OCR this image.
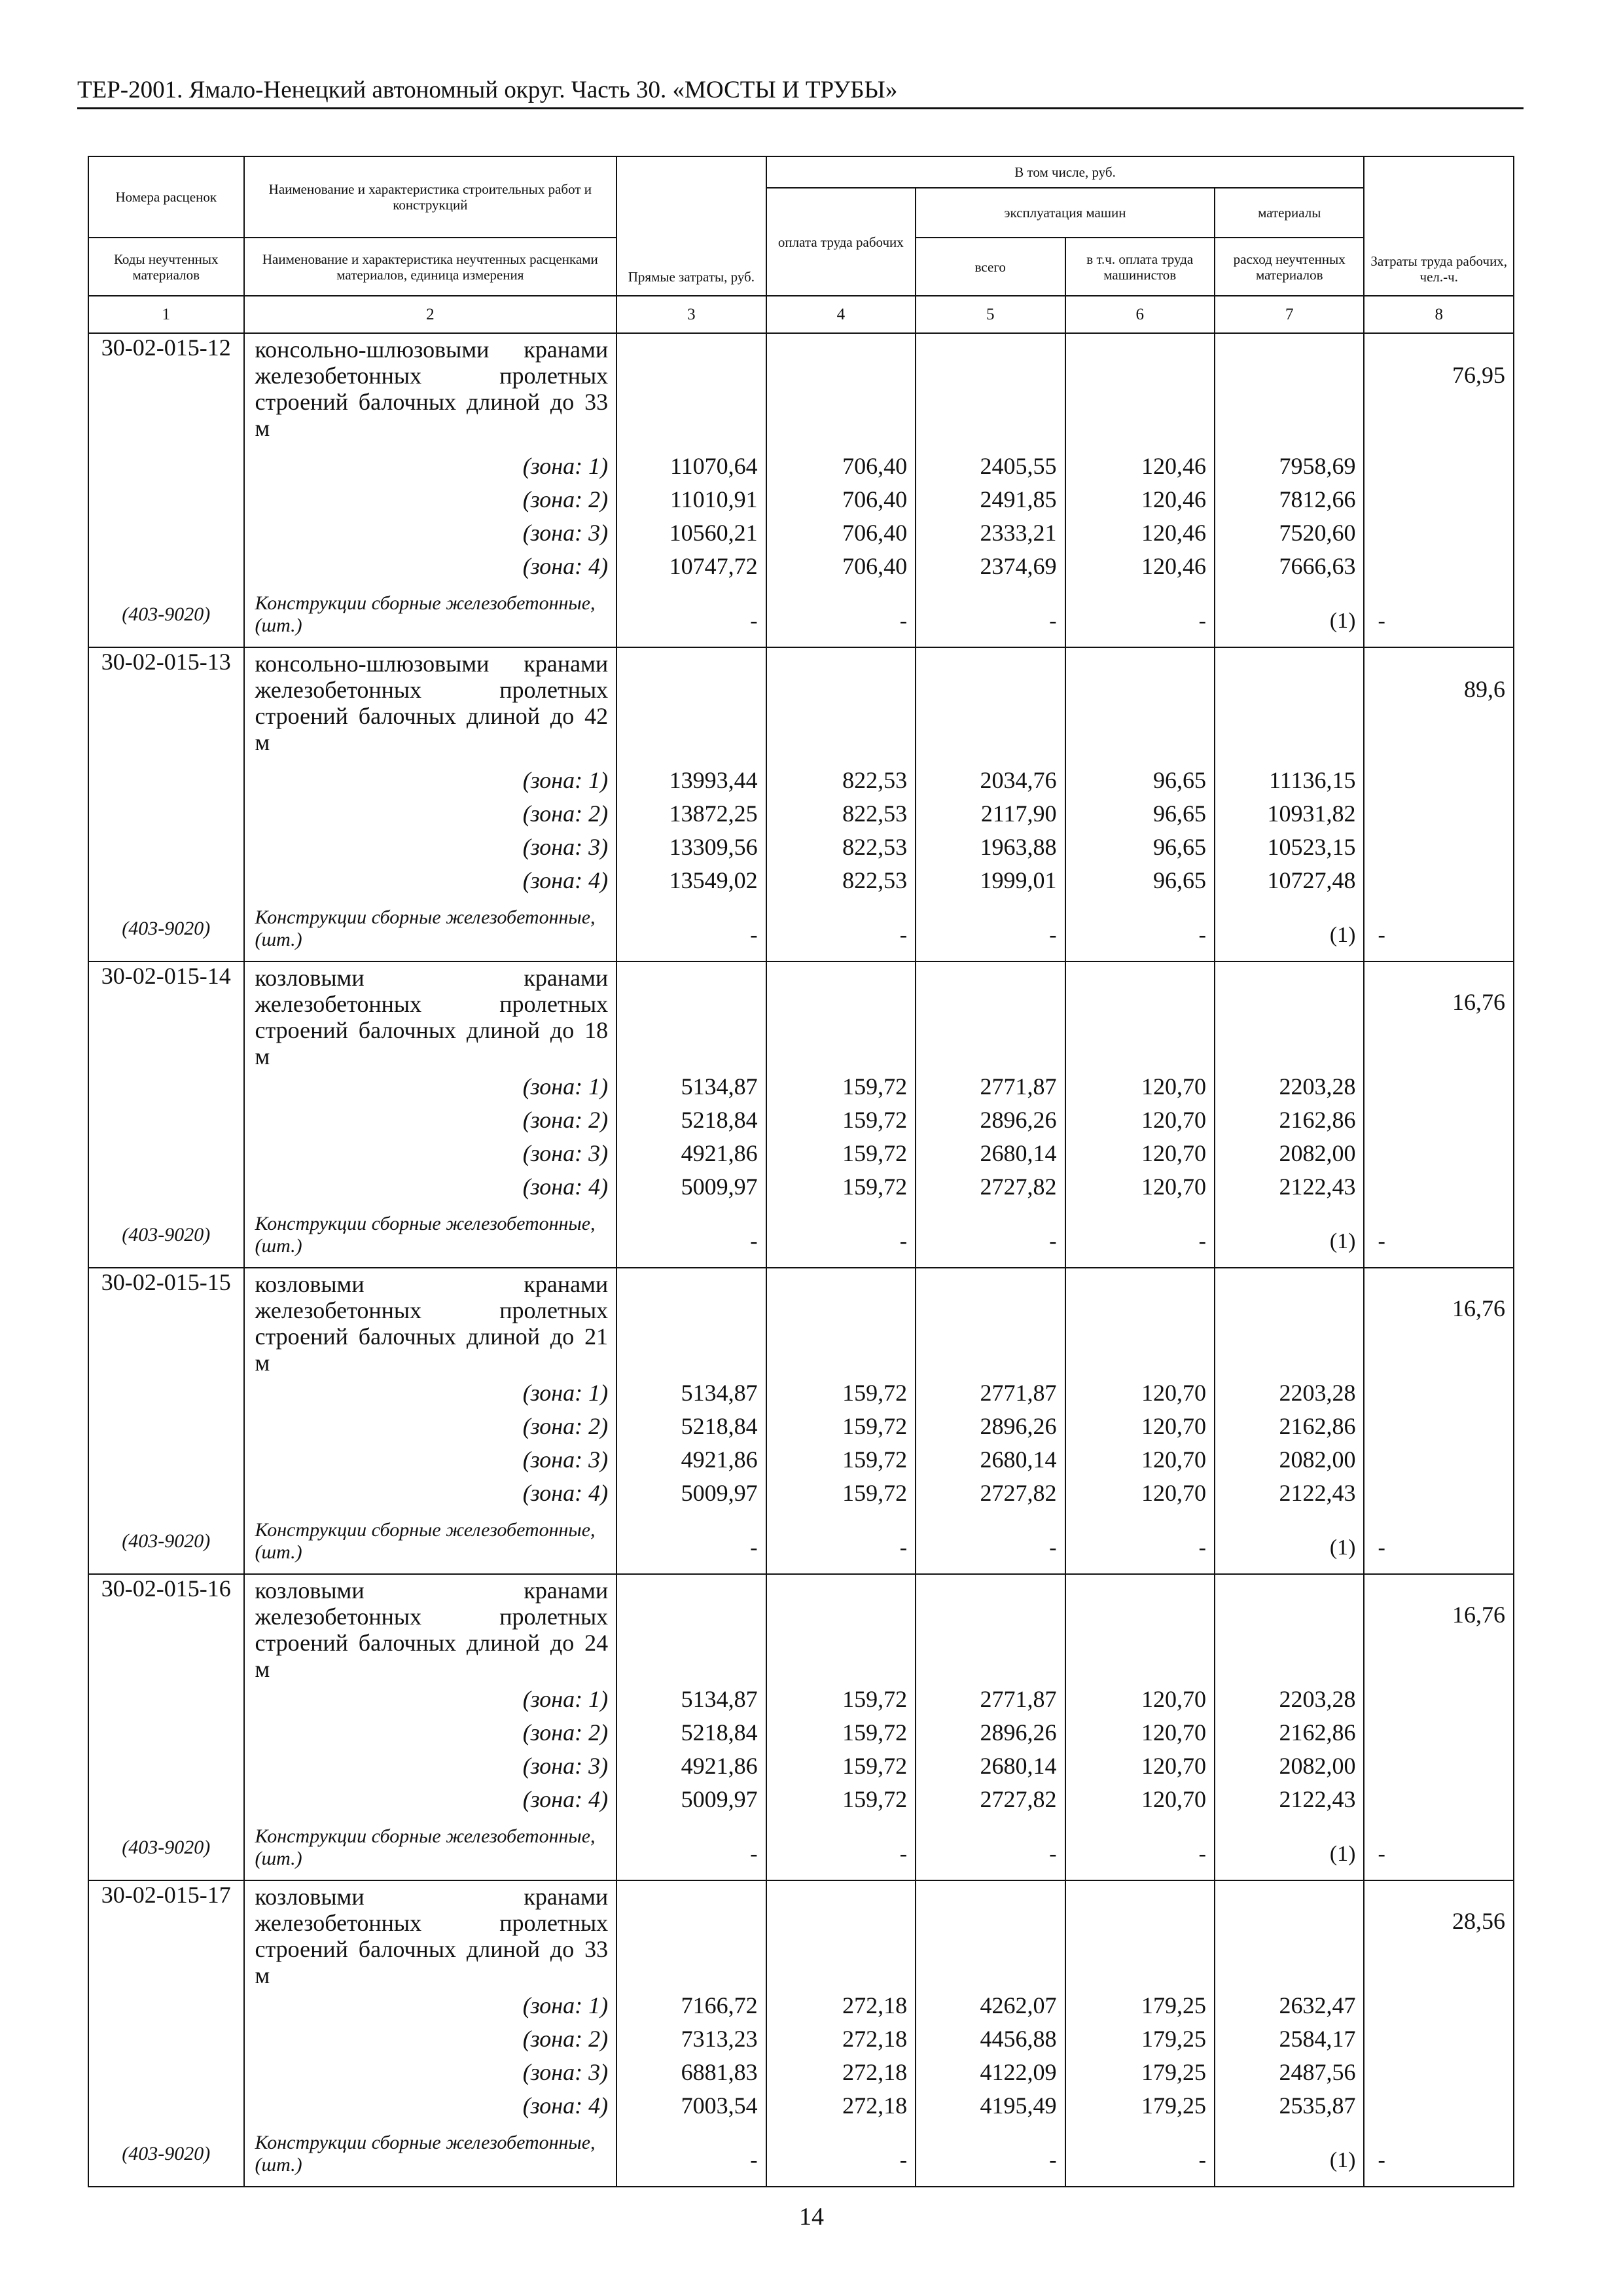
ТЕР-2001. Ямало-Ненецкий автономный округ. Часть 30. «МОСТЫ И ТРУБЫ»
Номера расценок	Наименование и характеристика строительных работ и конструкций	Прямые затраты, руб.	В том числе, руб.				Затраты труда рабочих, чел.-ч.
			оплата труда рабочих	эксплуатация машин		материалы	
Коды неучтенных материалов	Наименование и характеристика неучтенных расценками материалов, единица измерения			всего	в т.ч. оплата труда машинистов	расход неучтенных материалов	
1	2	3	4	5	6	7	8
30-02-015-12	консольно-шлюзовыми кранами железобетонных пролетных строений балочных длиной до 33 м						76,95
	(зона: 1)	11070,64	706,40	2405,55	120,46	7958,69	
	(зона: 2)	11010,91	706,40	2491,85	120,46	7812,66	
	(зона: 3)	10560,21	706,40	2333,21	120,46	7520,60	
	(зона: 4)	10747,72	706,40	2374,69	120,46	7666,63	
(403-9020)	Конструкции сборные железобетонные, (шт.)	-	-	-	-	(1)	-
30-02-015-13	консольно-шлюзовыми кранами железобетонных пролетных строений балочных длиной до 42 м						89,6
	(зона: 1)	13993,44	822,53	2034,76	96,65	11136,15	
	(зона: 2)	13872,25	822,53	2117,90	96,65	10931,82	
	(зона: 3)	13309,56	822,53	1963,88	96,65	10523,15	
	(зона: 4)	13549,02	822,53	1999,01	96,65	10727,48	
(403-9020)	Конструкции сборные железобетонные, (шт.)	-	-	-	-	(1)	-
30-02-015-14	козловыми кранами железобетонных пролетных строений балочных длиной до 18 м						16,76
	(зона: 1)	5134,87	159,72	2771,87	120,70	2203,28	
	(зона: 2)	5218,84	159,72	2896,26	120,70	2162,86	
	(зона: 3)	4921,86	159,72	2680,14	120,70	2082,00	
	(зона: 4)	5009,97	159,72	2727,82	120,70	2122,43	
(403-9020)	Конструкции сборные железобетонные, (шт.)	-	-	-	-	(1)	-
30-02-015-15	козловыми кранами железобетонных пролетных строений балочных длиной до 21 м						16,76
	(зона: 1)	5134,87	159,72	2771,87	120,70	2203,28	
	(зона: 2)	5218,84	159,72	2896,26	120,70	2162,86	
	(зона: 3)	4921,86	159,72	2680,14	120,70	2082,00	
	(зона: 4)	5009,97	159,72	2727,82	120,70	2122,43	
(403-9020)	Конструкции сборные железобетонные, (шт.)	-	-	-	-	(1)	-
30-02-015-16	козловыми кранами железобетонных пролетных строений балочных длиной до 24 м						16,76
	(зона: 1)	5134,87	159,72	2771,87	120,70	2203,28	
	(зона: 2)	5218,84	159,72	2896,26	120,70	2162,86	
	(зона: 3)	4921,86	159,72	2680,14	120,70	2082,00	
	(зона: 4)	5009,97	159,72	2727,82	120,70	2122,43	
(403-9020)	Конструкции сборные железобетонные, (шт.)	-	-	-	-	(1)	-
30-02-015-17	козловыми кранами железобетонных пролетных строений балочных длиной до 33 м						28,56
	(зона: 1)	7166,72	272,18	4262,07	179,25	2632,47	
	(зона: 2)	7313,23	272,18	4456,88	179,25	2584,17	
	(зона: 3)	6881,83	272,18	4122,09	179,25	2487,56	
	(зона: 4)	7003,54	272,18	4195,49	179,25	2535,87	
(403-9020)	Конструкции сборные железобетонные, (шт.)	-	-	-	-	(1)	-
14
